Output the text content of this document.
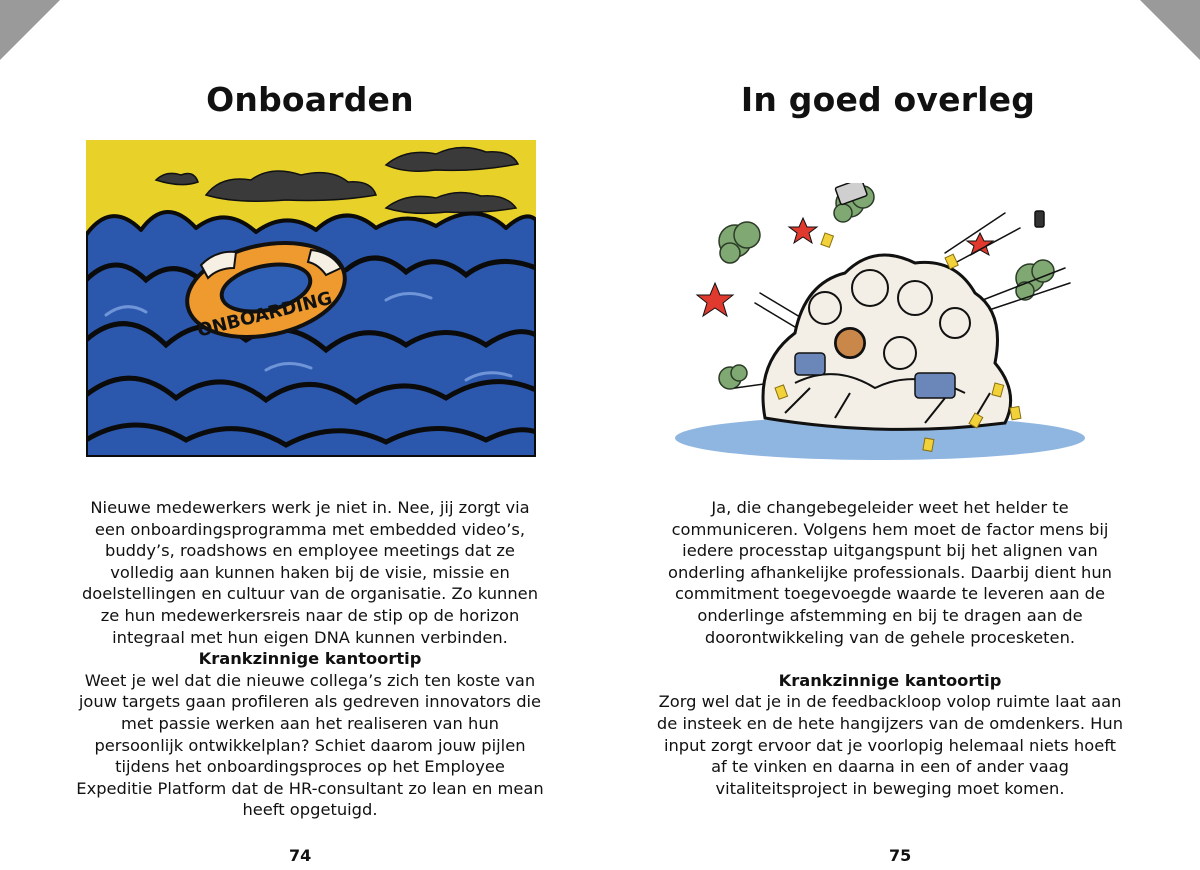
Onboarden
ONBOARDING

Nieuwe medewerkers werk je niet in. Nee, jij zorgt via een onboardingsprogramma met embedded video’s, buddy’s, roadshows en employee meetings dat ze volledig aan kunnen haken bij de visie, missie en doelstellingen en cultuur van de organisatie. Zo kunnen ze hun medewerkersreis naar de stip op de horizon integraal met hun eigen DNA kunnen verbinden.

Krankzinnige kantoortip

Weet je wel dat die nieuwe collega’s zich ten koste van jouw targets gaan profileren als gedreven innovators die met passie werken aan het realiseren van hun persoonlijk ontwikkelplan? Schiet daarom jouw pijlen tijdens het onboardingsproces op het Employee Expeditie Platform dat de HR-consultant zo lean en mean heeft opgetuigd.

74
In goed overleg

Ja, die changebegeleider weet het helder te communiceren. Volgens hem moet de factor mens bij iedere processtap uitgangspunt bij het alignen van onderling afhankelijke professionals. Daarbij dient hun commitment toegevoegde waarde te leveren aan de onderlinge afstemming en bij te dragen aan de doorontwikkeling van de gehele procesketen.

Krankzinnige kantoortip

Zorg wel dat je in de feedbackloop volop ruimte laat aan de insteek en de hete hangijzers van de omdenkers. Hun input zorgt ervoor dat je voorlopig helemaal niets hoeft af te vinken en daarna in een of ander vaag vitaliteitsproject in beweging moet komen.

75
